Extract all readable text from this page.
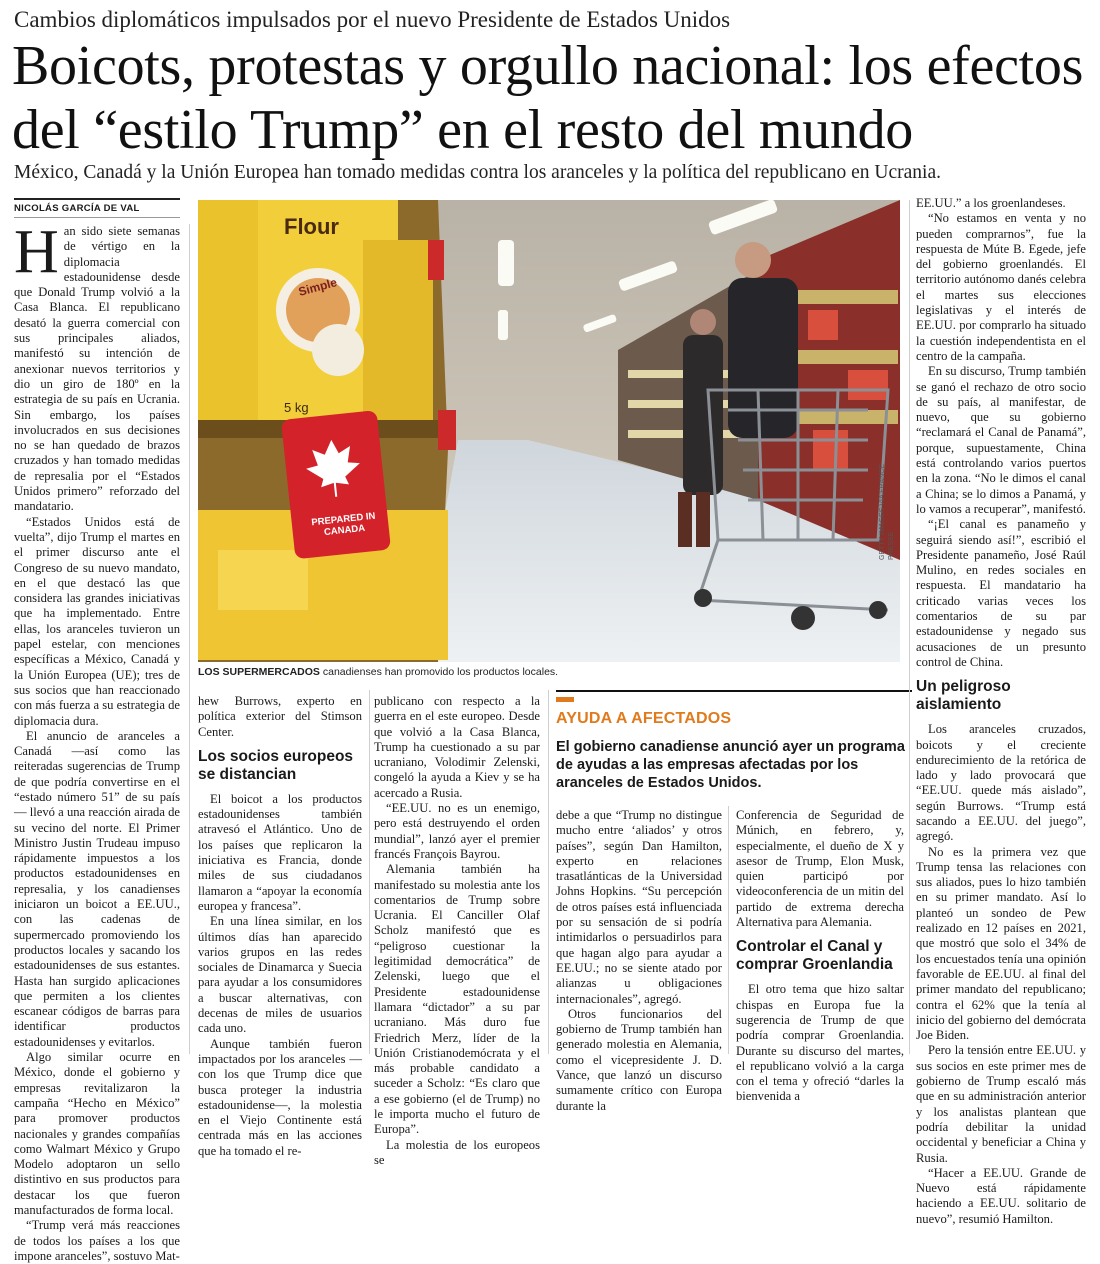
Cambios diplomáticos impulsados por el nuevo Presidente de Estados Unidos
Boicots, protestas y orgullo nacional: los efectos del “estilo Trump” en el resto del mundo
México, Canadá y la Unión Europea han tomado medidas contra los aranceles y la política del republicano en Ucrania.
NICOLÁS GARCÍA DE VAL

Han sido siete semanas de vértigo en la diplomacia estadounidense desde que Donald Trump volvió a la Casa Blanca. El republicano desató la guerra comercial con sus principales aliados, manifestó su intención de anexionar nuevos territorios y dio un giro de 180º en la estrategia de su país en Ucrania. Sin embargo, los países involucrados en sus decisiones no se han quedado de brazos cruzados y han tomado medidas de represalia por el “Estados Unidos primero” reforzado del mandatario.

“Estados Unidos está de vuelta”, dijo Trump el martes en el primer discurso ante el Congreso de su nuevo mandato, en el que destacó las que considera las grandes iniciativas que ha implementado. Entre ellas, los aranceles tuvieron un papel estelar, con menciones específicas a México, Canadá y la Unión Europea (UE); tres de sus socios que han reaccionado con más fuerza a su estrategia de diplomacia dura.

El anuncio de aranceles a Canadá —así como las reiteradas sugerencias de Trump de que podría convertirse en el “estado número 51” de su país— llevó a una reacción airada de su vecino del norte. El Primer Ministro Justin Trudeau impuso rápidamente impuestos a los productos estadounidenses en represalia, y los canadienses iniciaron un boicot a EE.UU., con las cadenas de supermercado promoviendo los productos locales y sacando los estadounidenses de sus estantes. Hasta han surgido aplicaciones que permiten a los clientes escanear códigos de barras para identificar productos estadounidenses y evitarlos.

Algo similar ocurre en México, donde el gobierno y empresas revitalizaron la campaña “Hecho en México” para promover productos nacionales y grandes compañías como Walmart México y Grupo Modelo adoptaron un sello distintivo en sus productos para destacar los que fueron manufacturados de forma local.

“Trump verá más reacciones de todos los países a los que impone aranceles”, sostuvo Mat-

Flour
Simple
5 kg
PREPARED IN CANADA	GETTY IMAGES VÍA FRANCE PRESSE
LOS SUPERMERCADOS canadienses han promovido los productos locales.

hew Burrows, experto en política exterior del Stimson Center.

Los socios europeos se distancian

El boicot a los productos estadounidenses también atravesó el Atlántico. Uno de los países que replicaron la iniciativa es Francia, donde miles de sus ciudadanos llamaron a “apoyar la economía europea y francesa”.

En una línea similar, en los últimos días han aparecido varios grupos en las redes sociales de Dinamarca y Suecia para ayudar a los consumidores a buscar alternativas, con decenas de miles de usuarios cada uno.

Aunque también fueron impactados por los aranceles —con los que Trump dice que busca proteger la industria estadounidense—, la molestia en el Viejo Continente está centrada más en las acciones que ha tomado el re-

publicano con respecto a la guerra en el este europeo. Desde que volvió a la Casa Blanca, Trump ha cuestionado a su par ucraniano, Volodimir Zelenski, congeló la ayuda a Kiev y se ha acercado a Rusia.

“EE.UU. no es un enemigo, pero está destruyendo el orden mundial”, lanzó ayer el premier francés François Bayrou.

Alemania también ha manifestado su molestia ante los comentarios de Trump sobre Ucrania. El Canciller Olaf Scholz manifestó que es “peligroso cuestionar la legitimidad democrática” de Zelenski, luego que el Presidente estadounidense llamara “dictador” a su par ucraniano. Más duro fue Friedrich Merz, líder de la Unión Cristianodemócrata y el más probable candidato a suceder a Scholz: “Es claro que a ese gobierno (el de Trump) no le importa mucho el futuro de Europa”.

La molestia de los europeos se

AYUDA A AFECTADOS
El gobierno canadiense anunció ayer un programa de ayudas a las empresas afectadas por los aranceles de Estados Unidos.

debe a que “Trump no distingue mucho entre ‘aliados’ y otros países”, según Dan Hamilton, experto en relaciones trasatlánticas de la Universidad Johns Hopkins. “Su percepción de otros países está influenciada por su sensación de si podría intimidarlos o persuadirlos para que hagan algo para ayudar a EE.UU.; no se siente atado por alianzas u obligaciones internacionales”, agregó.

Otros funcionarios del gobierno de Trump también han generado molestia en Alemania, como el vicepresidente J. D. Vance, que lanzó un discurso sumamente crítico con Europa durante la

Conferencia de Seguridad de Múnich, en febrero, y, especialmente, el dueño de X y asesor de Trump, Elon Musk, quien participó por videoconferencia de un mitin del partido de extrema derecha Alternativa para Alemania.

Controlar el Canal y comprar Groenlandia

El otro tema que hizo saltar chispas en Europa fue la sugerencia de Trump de que podría comprar Groenlandia. Durante su discurso del martes, el republicano volvió a la carga con el tema y ofreció “darles la bienvenida a

EE.UU.” a los groenlandeses.

“No estamos en venta y no pueden comprarnos”, fue la respuesta de Múte B. Egede, jefe del gobierno groenlandés. El territorio autónomo danés celebra el martes sus elecciones legislativas y el interés de EE.UU. por comprarlo ha situado la cuestión independentista en el centro de la campaña.

En su discurso, Trump también se ganó el rechazo de otro socio de su país, al manifestar, de nuevo, que su gobierno “reclamará el Canal de Panamá”, porque, supuestamente, China está controlando varios puertos en la zona. “No le dimos el canal a China; se lo dimos a Panamá, y lo vamos a recuperar”, manifestó.

“¡El canal es panameño y seguirá siendo así!”, escribió el Presidente panameño, José Raúl Mulino, en redes sociales en respuesta. El mandatario ha criticado varias veces los comentarios de su par estadounidense y negado sus acusaciones de un presunto control de China.

Un peligroso aislamiento

Los aranceles cruzados, boicots y el creciente endurecimiento de la retórica de lado y lado provocará que “EE.UU. quede más aislado”, según Burrows. “Trump está sacando a EE.UU. del juego”, agregó.

No es la primera vez que Trump tensa las relaciones con sus aliados, pues lo hizo también en su primer mandato. Así lo planteó un sondeo de Pew realizado en 12 países en 2021, que mostró que solo el 34% de los encuestados tenía una opinión favorable de EE.UU. al final del primer mandato del republicano; contra el 62% que la tenía al inicio del gobierno del demócrata Joe Biden.

Pero la tensión entre EE.UU. y sus socios en este primer mes de gobierno de Trump escaló más que en su administración anterior y los analistas plantean que podría debilitar la unidad occidental y beneficiar a China y Rusia.

“Hacer a EE.UU. Grande de Nuevo está rápidamente haciendo a EE.UU. solitario de nuevo”, resumió Hamilton.
